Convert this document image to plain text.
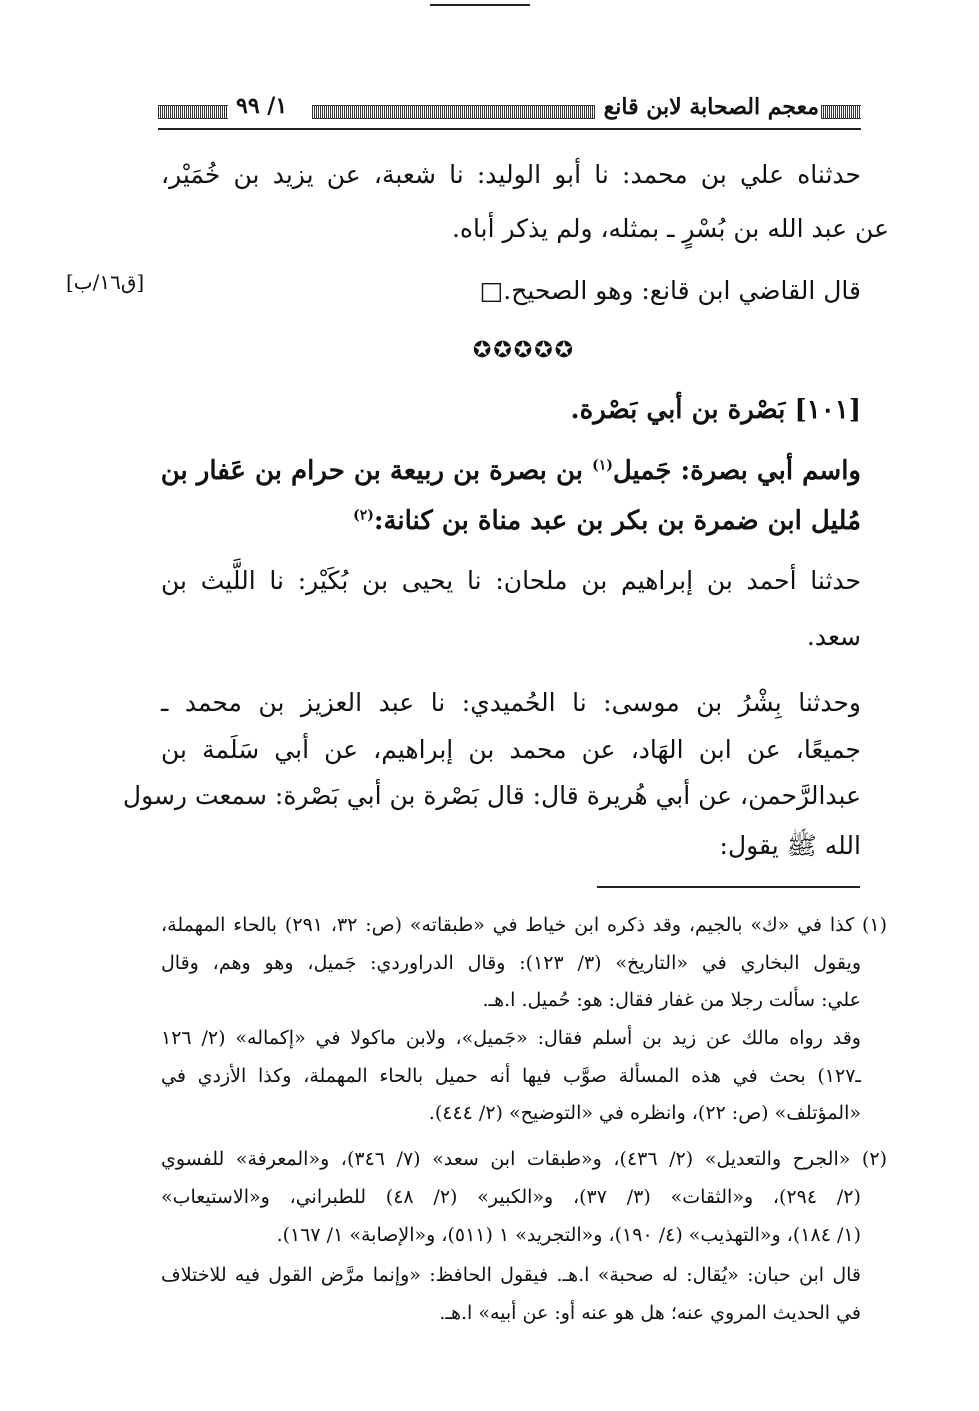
معجم الصحابة لابن قانع
١/ ٩٩
[ق١٦/ب]
حدثناه علي بن محمد: نا أبو الوليد: نا شعبة، عن يزيد بن خُمَيْر،
عن عبد الله بن بُسْرٍ ـ بمثله، ولم يذكر أباه.
قال القاضي ابن قانع: وهو الصحيح.□
✪✪✪✪✪
[١٠١] بَصْرة بن أبي بَصْرة.
واسم أبي بصرة: جَميل$^{(١)}$ بن بصرة بن ربيعة بن حرام بن عَفار بن
مُليل ابن ضمرة بن بكر بن عبد مناة بن كنانة:$^{(٢)}$
حدثنا أحمد بن إبراهيم بن ملحان: نا يحيى بن بُكَيْر: نا اللَّيث بن
سعد.
وحدثنا بِشْرُ بن موسى: نا الحُميدي: نا عبد العزيز بن محمد ـ
جميعًا، عن ابن الهَاد، عن محمد بن إبراهيم، عن أبي سَلَمة بن
عبدالرَّحمن، عن أبي هُريرة قال: قال بَصْرة بن أبي بَصْرة: سمعت رسول
الله ﷺ يقول:
(١) كذا في «ك» بالجيم، وقد ذكره ابن خياط في «طبقاته» (ص: ٣٢، ٢٩١) بالحاء المهملة،
ويقول البخاري في «التاريخ» (٣/ ١٢٣): وقال الدراوردي: جَميل، وهو وهم، وقال
علي: سألت رجلا من غفار فقال: هو: حُميل. ا.هـ.
وقد رواه مالك عن زيد بن أسلم فقال: «جَميل»، ولابن ماكولا في «إكماله» (٢/ ١٢٦
ـ١٢٧) بحث في هذه المسألة صوَّب فيها أنه حميل بالحاء المهملة، وكذا الأزدي في
«المؤتلف» (ص: ٢٢)، وانظره في «التوضيح» (٢/ ٤٤٤).
(٢) «الجرح والتعديل» (٢/ ٤٣٦)، و«طبقات ابن سعد» (٧/ ٣٤٦)، و«المعرفة» للفسوي
(٢/ ٢٩٤)، و«الثقات» (٣/ ٣٧)، و«الكبير» (٢/ ٤٨) للطبراني، و«الاستيعاب»
(١/ ١٨٤)، و«التهذيب» (٤/ ١٩٠)، و«التجريد» ١ (٥١١)، و«الإصابة» ١/ ١٦٧).
قال ابن حبان: «يُقال: له صحبة» ا.هـ. فيقول الحافظ: «وإنما مرَّض القول فيه للاختلاف
في الحديث المروي عنه؛ هل هو عنه أو: عن أبيه» ا.هـ.
